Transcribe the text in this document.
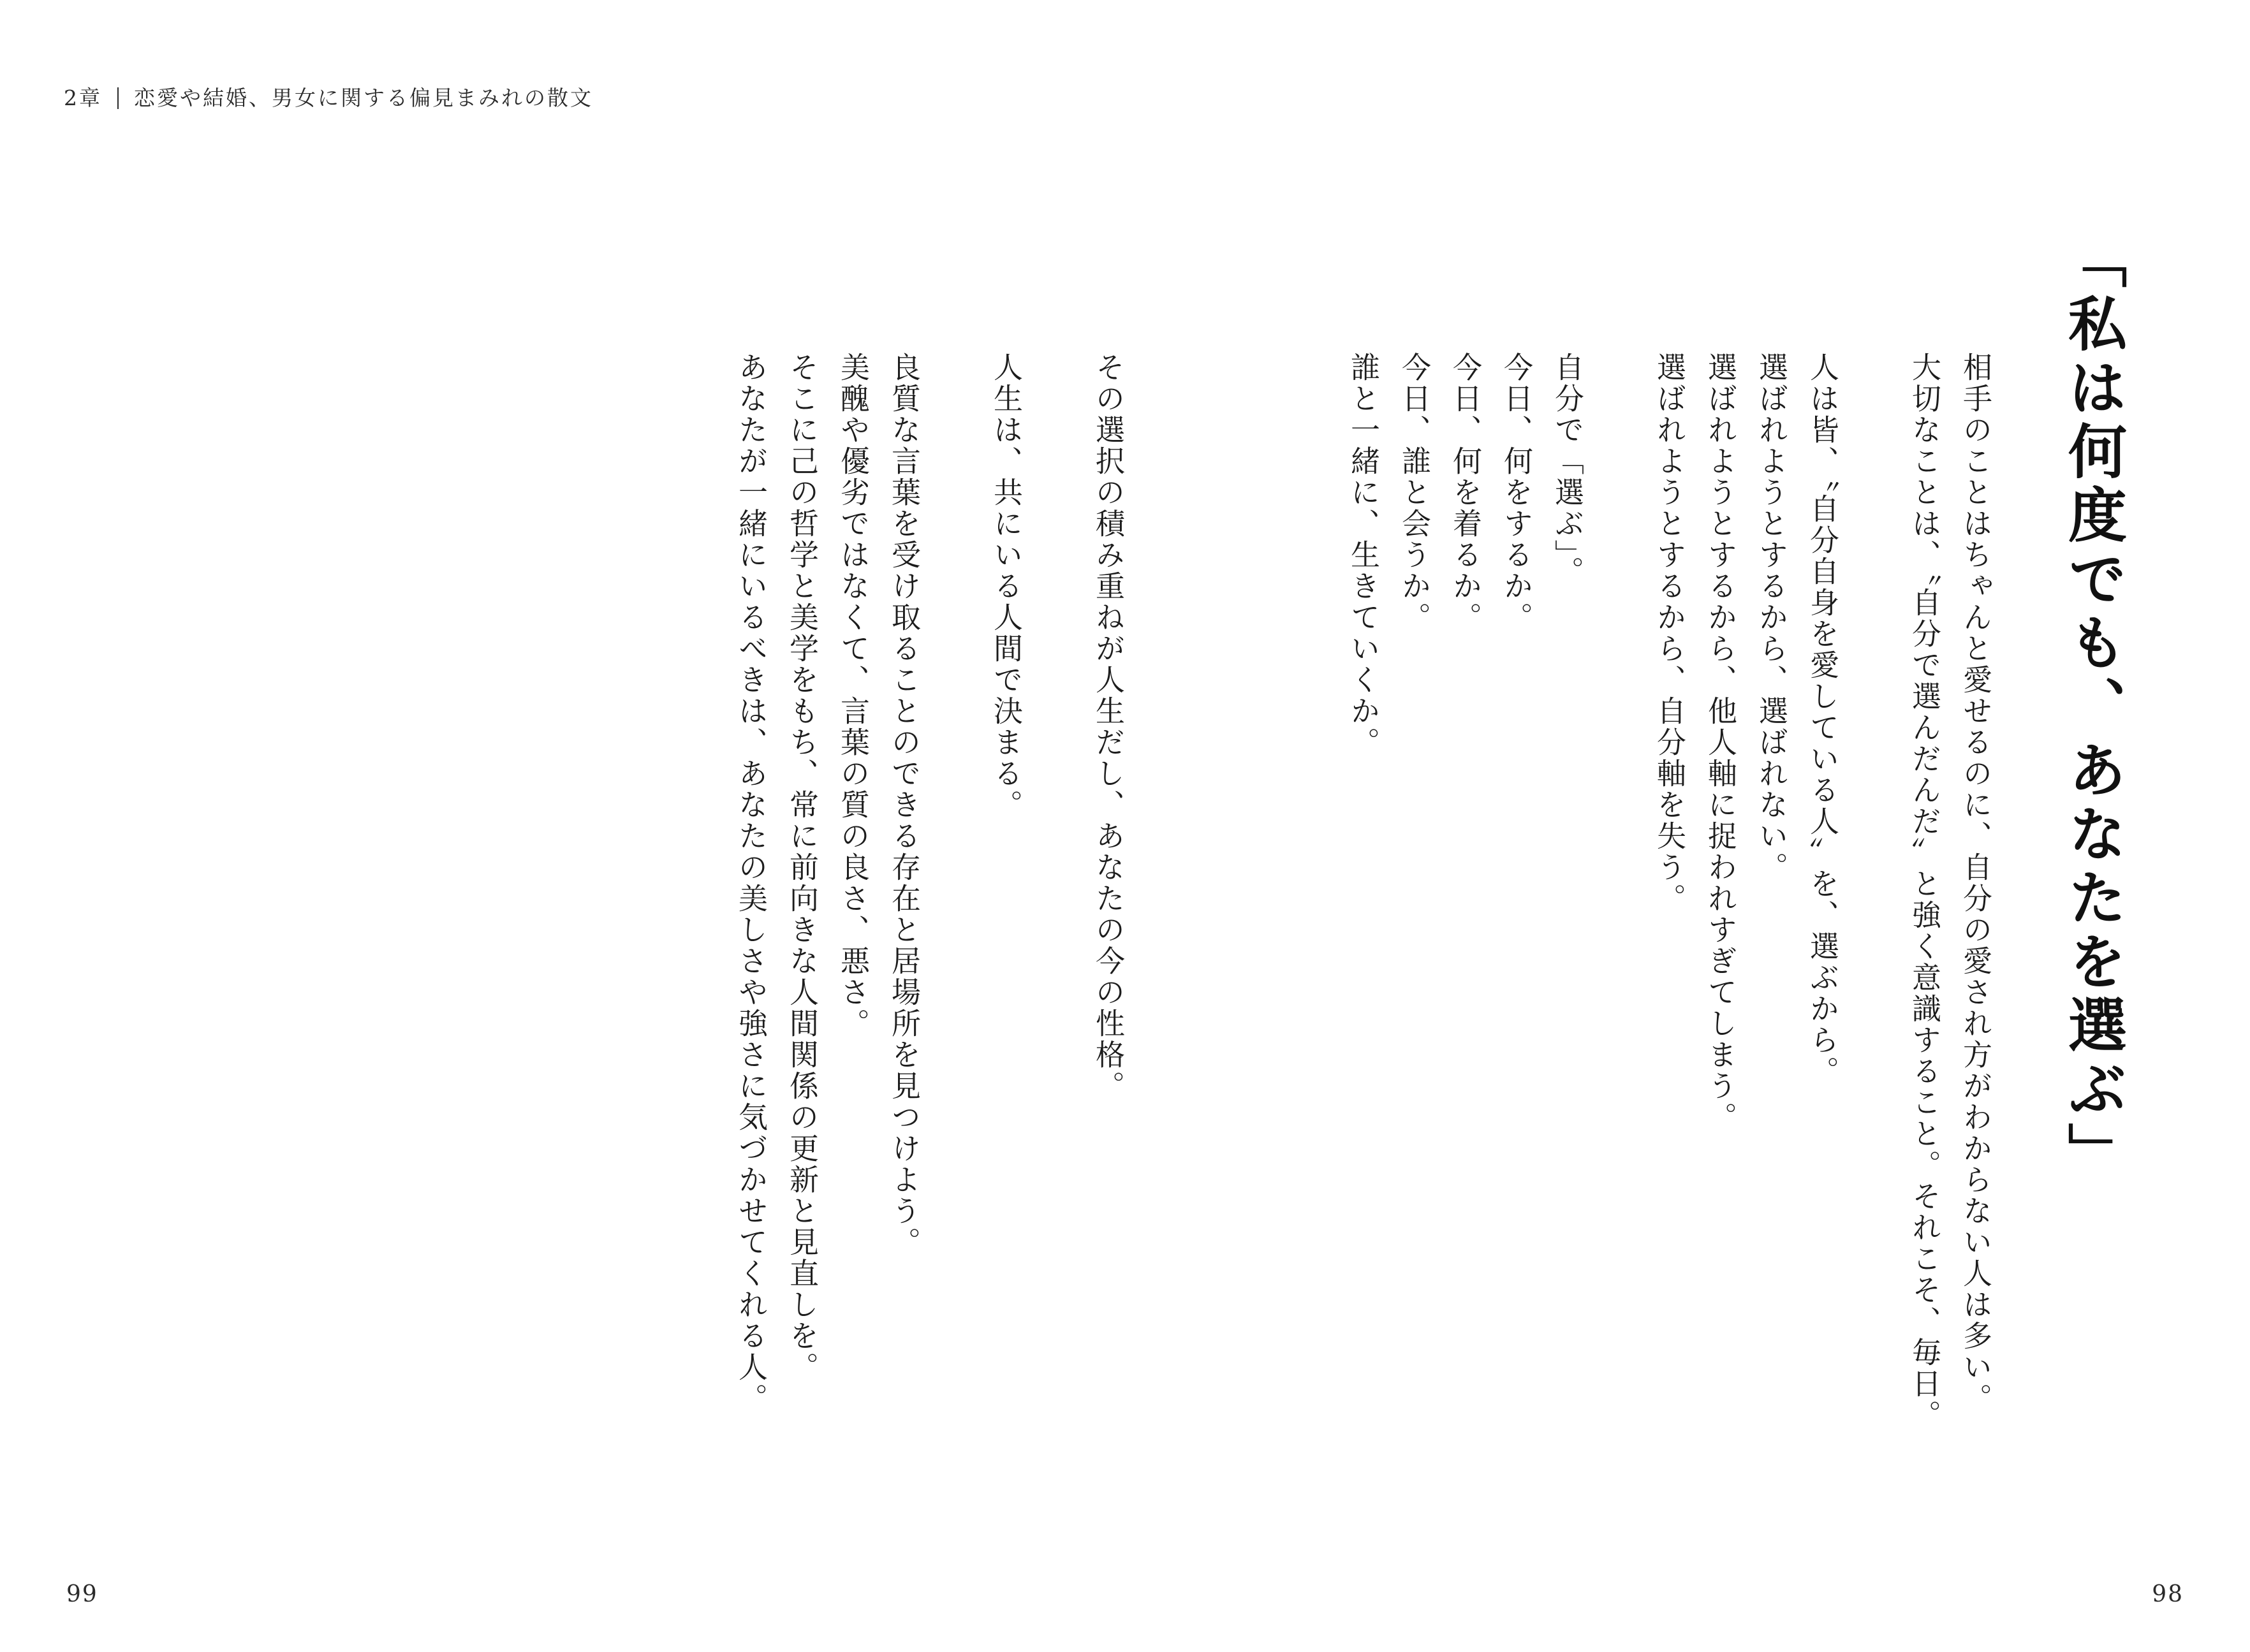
2章 恋愛や結婚、男女に関する偏見まみれの散文
「私は何度でも、あなたを選ぶ」
相手のことはちゃんと愛せるのに、自分の愛され方がわからない人は多い。
大切なことは、〝自分で選んだんだ〟と強く意識すること。それこそ、毎日。
人は皆、〝自分自身を愛している人〟を、選ぶから。
選ばれようとするから、選ばれない。
選ばれようとするから、他人軸に捉われすぎてしまう。
選ばれようとするから、自分軸を失う。
自分で「選ぶ」。
今日、何をするか。
今日、何を着るか。
今日、誰と会うか。
誰と一緒に、生きていくか。
その選択の積み重ねが人生だし、あなたの今の性格。
人生は、共にいる人間で決まる。
良質な言葉を受け取ることのできる存在と居場所を見つけよう。
美醜や優劣ではなくて、言葉の質の良さ、悪さ。
そこに己の哲学と美学をもち、常に前向きな人間関係の更新と見直しを。
あなたが一緒にいるべきは、あなたの美しさや強さに気づかせてくれる人。
99	98
